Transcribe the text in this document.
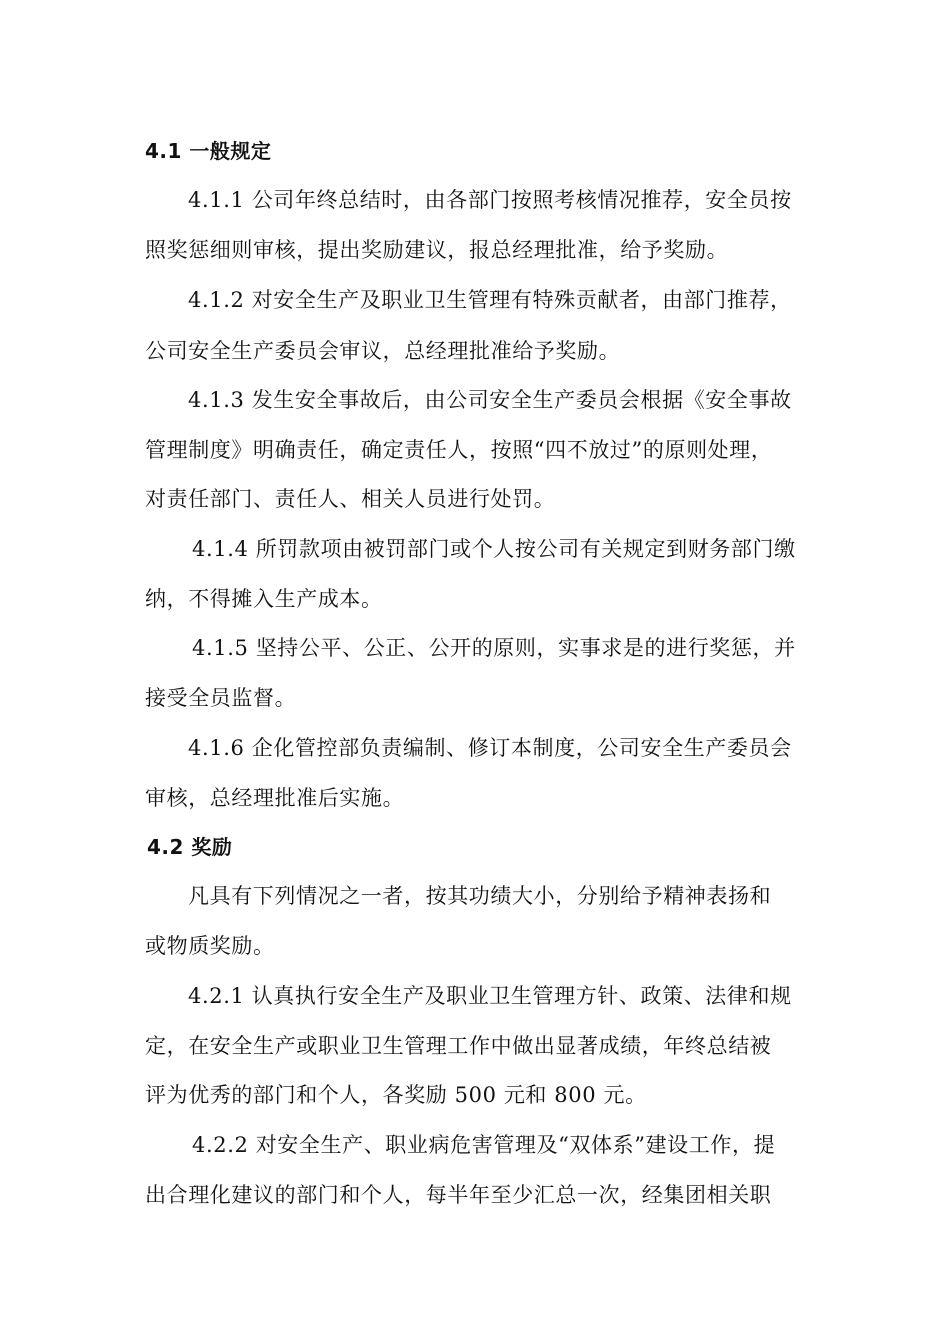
4.1 一般规定
4.1.1 公司年终总结时，由各部门按照考核情况推荐，安全员按
照奖惩细则审核，提出奖励建议，报总经理批准，给予奖励。
4.1.2 对安全生产及职业卫生管理有特殊贡献者，由部门推荐，
公司安全生产委员会审议，总经理批准给予奖励。
4.1.3 发生安全事故后，由公司安全生产委员会根据《安全事故
管理制度》明确责任，确定责任人，按照“四不放过”的原则处理，
对责任部门、责任人、相关人员进行处罚。
4.1.4 所罚款项由被罚部门或个人按公司有关规定到财务部门缴
纳，不得摊入生产成本。
4.1.5 坚持公平、公正、公开的原则，实事求是的进行奖惩，并
接受全员监督。
4.1.6 企化管控部负责编制、修订本制度，公司安全生产委员会
审核，总经理批准后实施。
4.2 奖励
凡具有下列情况之一者，按其功绩大小，分别给予精神表扬和
或物质奖励。
4.2.1 认真执行安全生产及职业卫生管理方针、政策、法律和规
定，在安全生产或职业卫生管理工作中做出显著成绩，年终总结被
评为优秀的部门和个人，各奖励 500 元和 800 元。
4.2.2 对安全生产、职业病危害管理及“双体系”建设工作，提
出合理化建议的部门和个人，每半年至少汇总一次，经集团相关职
